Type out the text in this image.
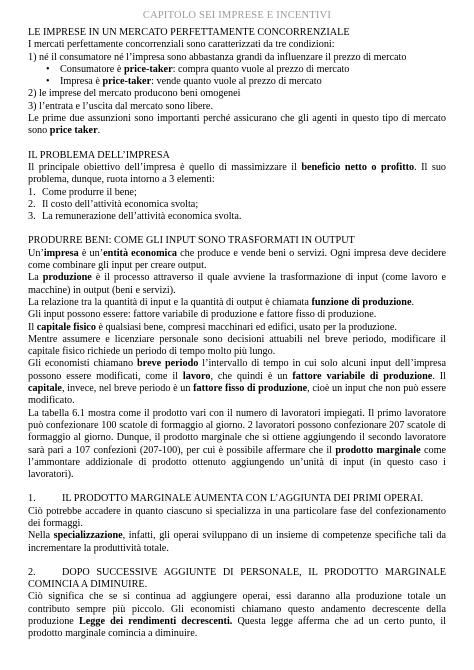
CAPITOLO SEI IMPRESE E INCENTIVI

LE IMPRESE IN UN MERCATO PERFETTAMENTE CONCORRENZIALE

I mercati perfettamente concorrenziali sono caratterizzati da tre condizioni:

1) né il consumatore né l’impresa sono abbastanza grandi da influenzare il prezzo di mercato

• Consumatore è price-taker: compra quanto vuole al prezzo di mercato

• Impresa è price-taker: vende quanto vuole al prezzo di mercato

2) le imprese del mercato producono beni omogenei

3) l’entrata e l’uscita dal mercato sono libere.

Le prime due assunzioni sono importanti perché assicurano che gli agenti in questo tipo di mercato sono price taker.

IL PROBLEMA DELL’IMPRESA

Il principale obiettivo dell’impresa è quello di massimizzare il beneficio netto o profitto. Il suo problema, dunque, ruota intorno a 3 elementi:

1. Come produrre il bene;

2. Il costo dell’attività economica svolta;

3. La remunerazione dell’attività economica svolta.

PRODURRE BENI: COME GLI INPUT SONO TRASFORMATI IN OUTPUT

Un’impresa è un’entità economica che produce e vende beni o servizi. Ogni impresa deve decidere come combinare gli input per creare output.

La produzione è il processo attraverso il quale avviene la trasformazione di input (come lavoro e macchine) in output (beni e servizi).

La relazione tra la quantità di input e la quantità di output è chiamata funzione di produzione.

Gli input possono essere: fattore variabile di produzione e fattore fisso di produzione.

Il capitale fisico è qualsiasi bene, compresi macchinari ed edifici, usato per la produzione.

Mentre assumere e licenziare personale sono decisioni attuabili nel breve periodo, modificare il capitale fisico richiede un periodo di tempo molto più lungo.

Gli economisti chiamano breve periodo l’intervallo di tempo in cui solo alcuni input dell’impresa possono essere modificati, come il lavoro, che quindi è un fattore variabile di produzione. Il capitale, invece, nel breve periodo è un fattore fisso di produzione, cioè un input che non può essere modificato.

La tabella 6.1 mostra come il prodotto vari con il numero di lavoratori impiegati. Il primo lavoratore può confezionare 100 scatole di formaggio al giorno. 2 lavoratori possono confezionare 207 scatole di formaggio al giorno. Dunque, il prodotto marginale che si ottiene aggiungendo il secondo lavoratore sarà pari a 107 confezioni (207-100), per cui è possibile affermare che il prodotto marginale come l’ammontare addizionale di prodotto ottenuto aggiungendo un’unità di input (in questo caso i lavoratori).

1.	IL PRODOTTO MARGINALE AUMENTA CON L’AGGIUNTA DEI PRIMI OPERAI.

Ciò potrebbe accadere in quanto ciascuno si specializza in una particolare fase del confezionamento dei formaggi.

Nella specializzazione, infatti, gli operai sviluppano di un insieme di competenze specifiche tali da incrementare la produttività totale.

2.	DOPO SUCCESSIVE AGGIUNTE DI PERSONALE, IL PRODOTTO MARGINALE COMINCIA A DIMINUIRE.

Ciò significa che se si continua ad aggiungere operai, essi daranno alla produzione totale un contributo sempre più piccolo. Gli economisti chiamano questo andamento decrescente della produzione Legge dei rendimenti decrescenti. Questa legge afferma che ad un certo punto, il prodotto marginale comincia a diminuire.
